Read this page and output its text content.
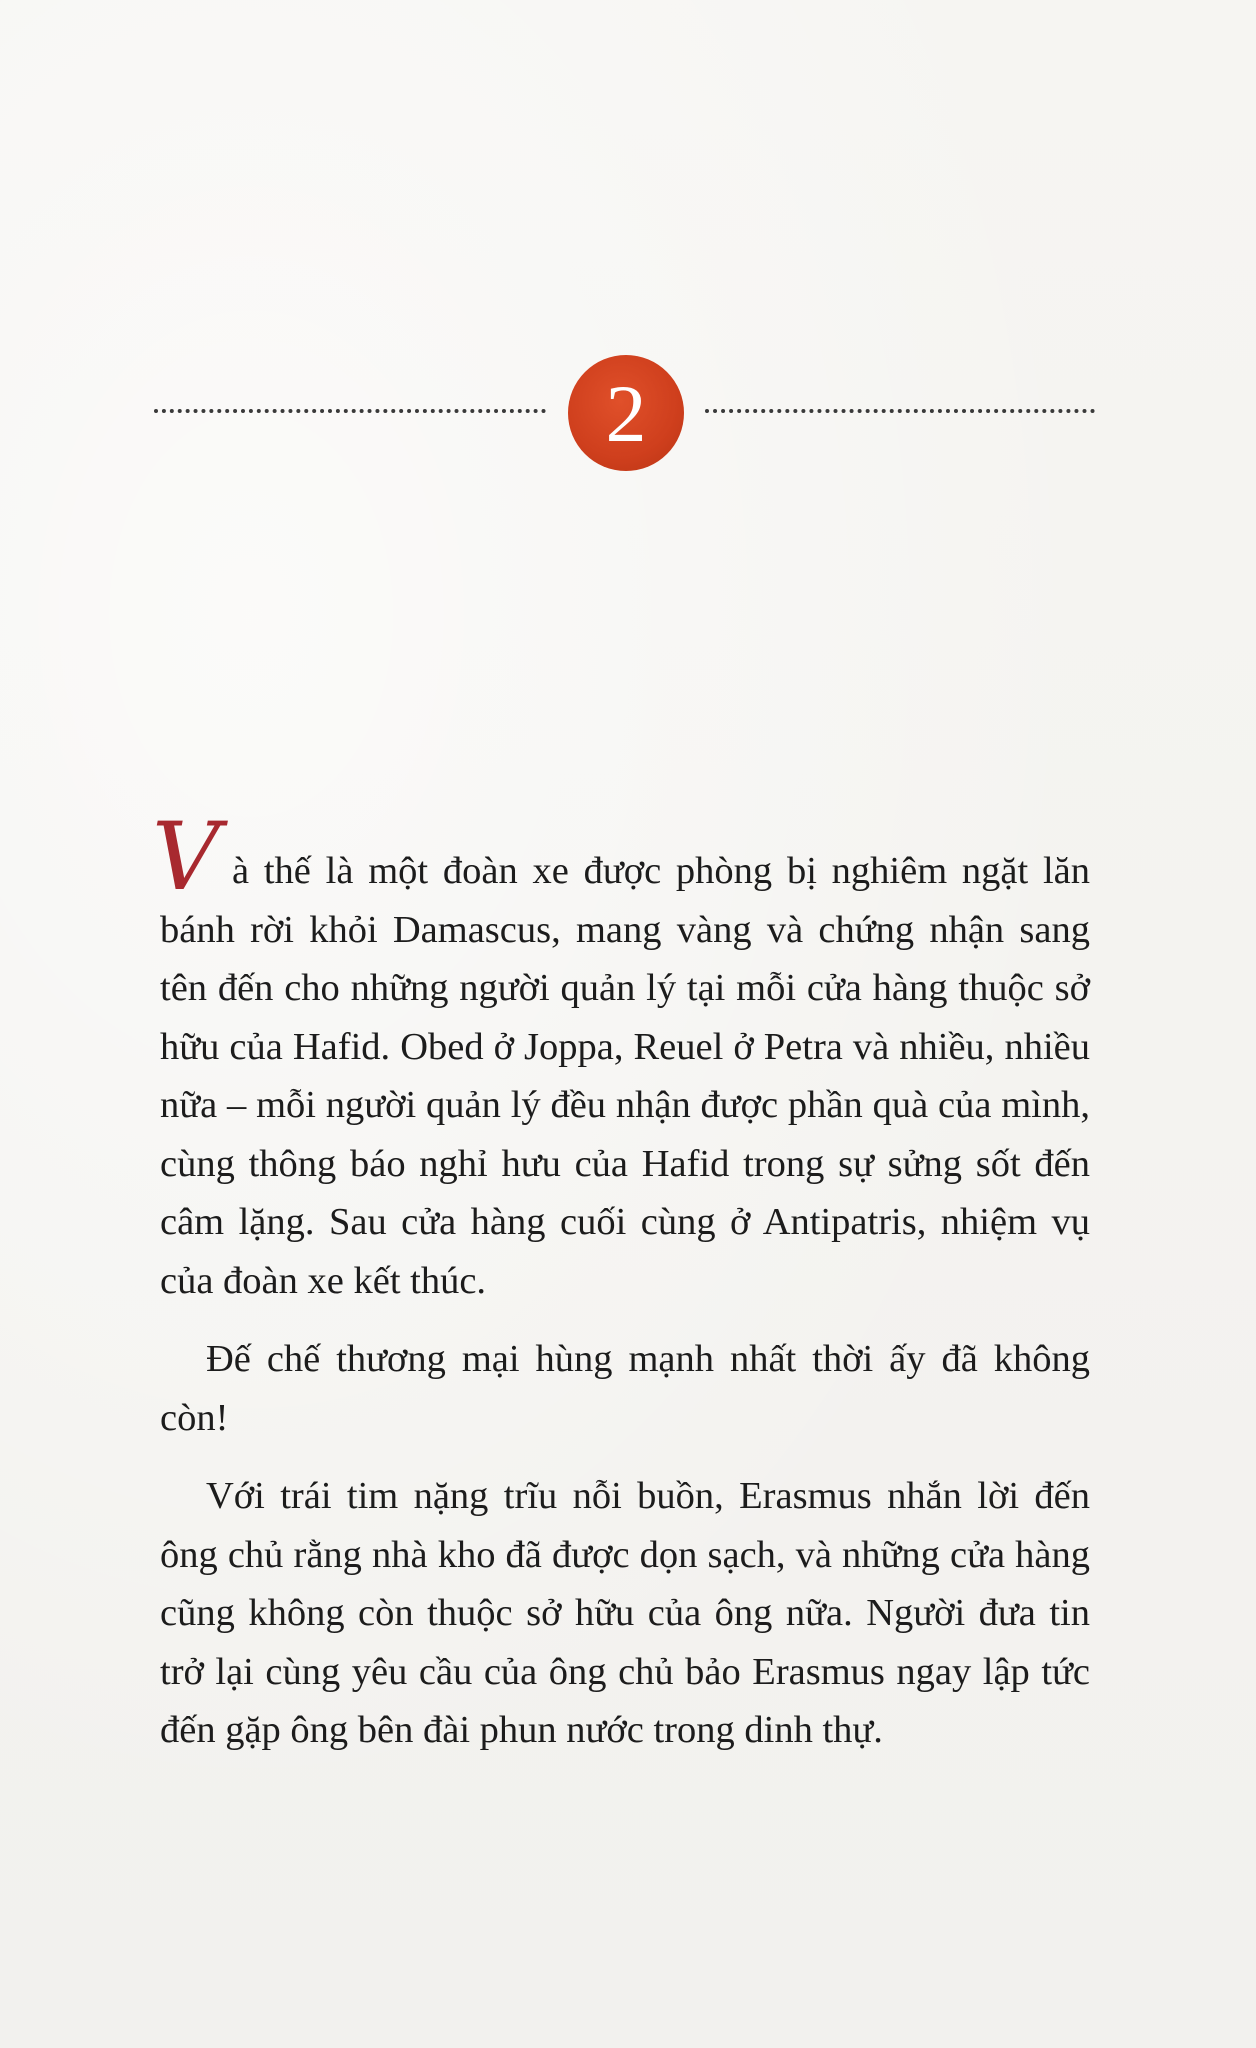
2

V à thế là một đoàn xe được phòng bị nghiêm ngặt lăn bánh rời khỏi Damascus, mang vàng và chứng nhận sang tên đến cho những người quản lý tại mỗi cửa hàng thuộc sở hữu của Hafid. Obed ở Joppa, Reuel ở Petra và nhiều, nhiều nữa – mỗi người quản lý đều nhận được phần quà của mình, cùng thông báo nghỉ hưu của Hafid trong sự sửng sốt đến câm lặng. Sau cửa hàng cuối cùng ở Antipatris, nhiệm vụ của đoàn xe kết thúc.

Đế chế thương mại hùng mạnh nhất thời ấy đã không còn!

Với trái tim nặng trĩu nỗi buồn, Erasmus nhắn lời đến ông chủ rằng nhà kho đã được dọn sạch, và những cửa hàng cũng không còn thuộc sở hữu của ông nữa. Người đưa tin trở lại cùng yêu cầu của ông chủ bảo Erasmus ngay lập tức đến gặp ông bên đài phun nước trong dinh thự.
